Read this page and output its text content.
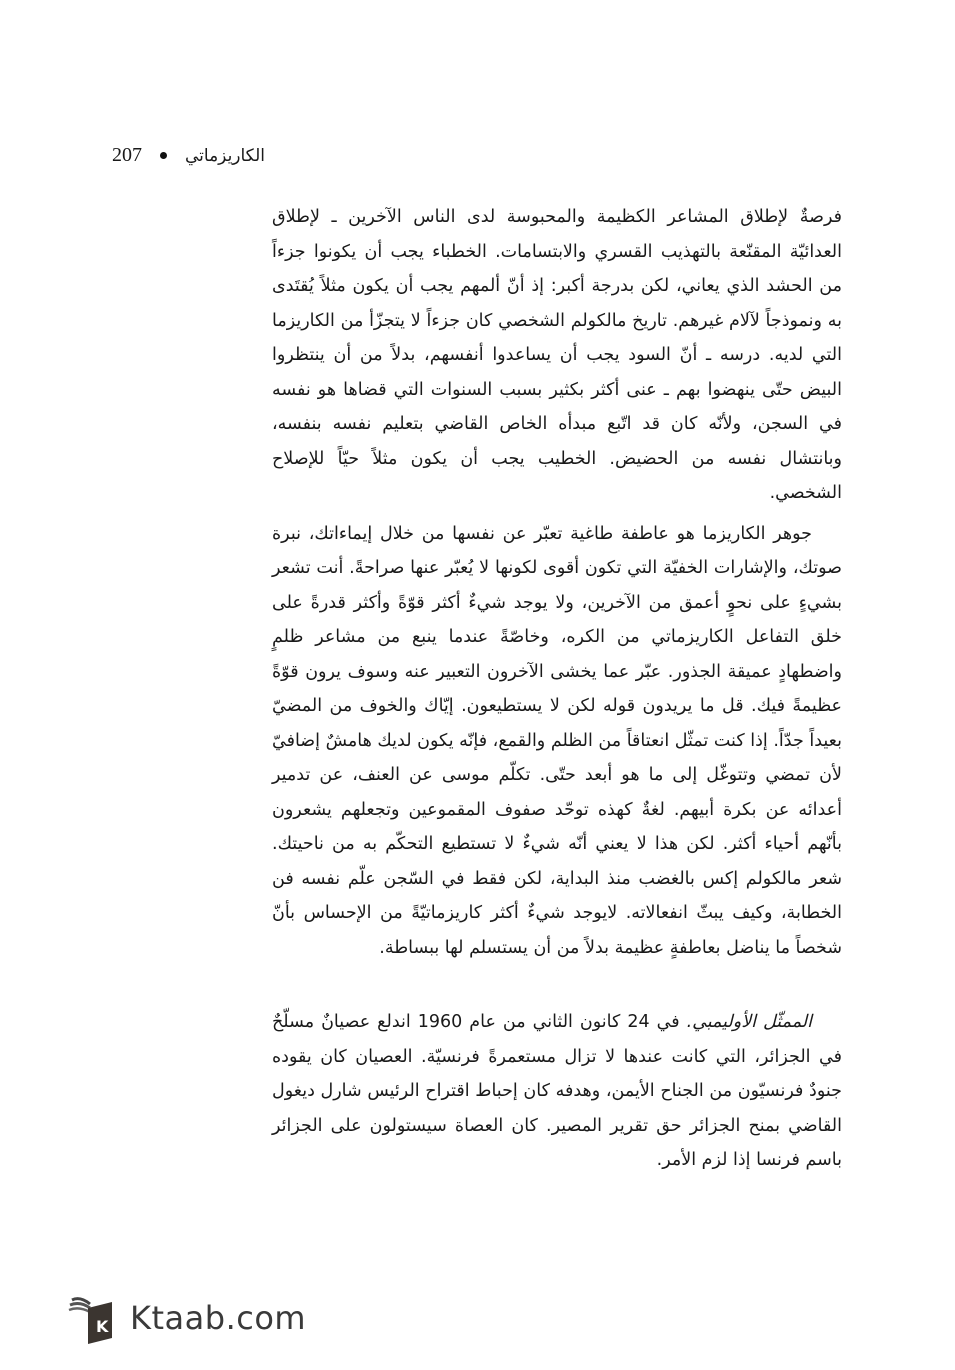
207	الكاريزماتي

فرصةٌ لإطلاق المشاعر الكظيمة والمحبوسة لدى الناس الآخرين ـ لإطلاق العدائيّة المقنّعة بالتهذيب القسري والابتسامات. الخطباء يجب أن يكونوا جزءاً من الحشد الذي يعاني، لكن بدرجة أكبر: إذ أنّ ألمهم يجب أن يكون مثلاً يُقتَدى به ونموذجاً لآلام غيرهم. تاريخ مالكولم الشخصي كان جزءاً لا يتجزّأ من الكاريزما التي لديه. درسه ـ أنّ السود يجب أن يساعدوا أنفسهم، بدلاً من أن ينتظروا البيض حتّى ينهضوا بهم ـ عنى أكثر بكثير بسبب السنوات التي قضاها هو نفسه في السجن، ولأنّه كان قد اتّبع مبدأه الخاص القاضي بتعليم نفسه بنفسه، وبانتشال نفسه من الحضيض. الخطيب يجب أن يكون مثلاً حيّاً للإصلاح الشخصي.

جوهر الكاريزما هو عاطفة طاغية تعبّر عن نفسها من خلال إيماءاتك، نبرة صوتك، والإشارات الخفيّة التي تكون أقوى لكونها لا يُعبّر عنها صراحةً. أنت تشعر بشيءٍ على نحوٍ أعمق من الآخرين، ولا يوجد شيءٌ أكثر قوّةً وأكثر قدرةً على خلق التفاعل الكاريزماتي من الكره، وخاصّةً عندما ينبع من مشاعر ظلمٍ واضطهادٍ عميقة الجذور. عبّر عما يخشى الآخرون التعبير عنه وسوف يرون قوّةً عظيمةً فيك. قل ما يريدون قوله لكن لا يستطيعون. إيّاك والخوف من المضيّ بعيداً جدّاً. إذا كنت تمثّل انعتاقاً من الظلم والقمع، فإنّه يكون لديك هامشٌ إضافيّ لأن تمضي وتتوغّل إلى ما هو أبعد حتّى. تكلّم موسى عن العنف، عن تدمير أعدائه عن بكرة أبيهم. لغةٌ كهذه توحّد صفوف المقموعين وتجعلهم يشعرون بأنّهم أحياء أكثر. لكن هذا لا يعني أنّه شيءٌ لا تستطيع التحكّم به من ناحيتك. شعر مالكولم إكس بالغضب منذ البداية، لكن فقط في السّجن علّم نفسه فن الخطابة، وكيف يبثّ انفعالاته. لايوجد شيءٌ أكثر كاريزماتيّةً من الإحساس بأنّ شخصاً ما يناضل بعاطفةٍ عظيمة بدلاً من أن يستسلم لها ببساطة.

الممثّل الأوليمبي. في 24 كانون الثاني من عام 1960 اندلع عصيانٌ مسلّحٌ في الجزائر، التي كانت عندها لا تزال مستعمرةً فرنسيّة. العصيان كان يقوده جنودٌ فرنسيّون من الجناح الأيمن، وهدفه كان إحباط اقتراح الرئيس شارل ديغول القاضي بمنح الجزائر حق تقرير المصير. كان العصاة سيستولون على الجزائر باسم فرنسا إذا لزم الأمر.

K Ktaab.com
